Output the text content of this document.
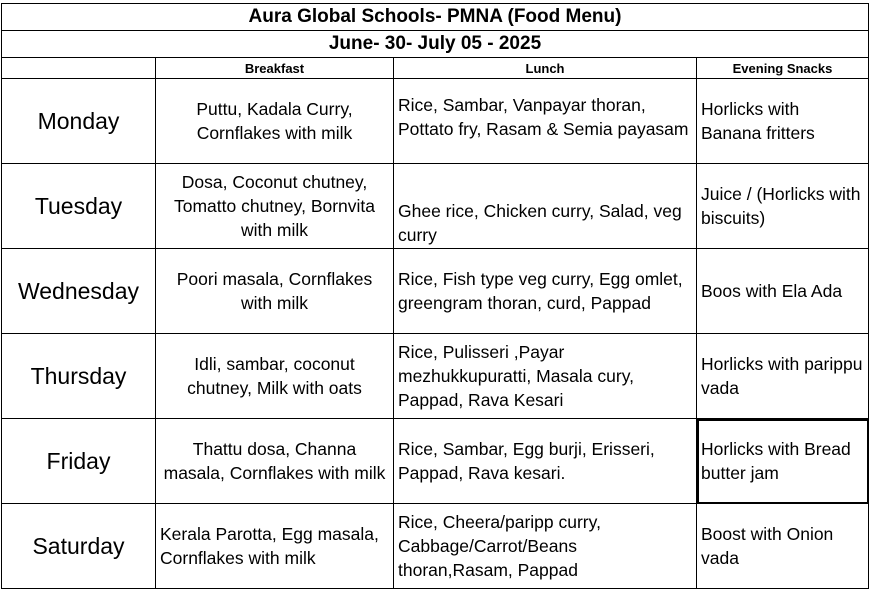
Aura Global Schools- PMNA (Food Menu)			
June- 30- July 05 - 2025			
	Breakfast	Lunch	Evening Snacks
Monday	Puttu, Kadala Curry, Cornflakes with milk	Rice, Sambar, Vanpayar thoran, Pottato fry, Rasam & Semia payasam	Horlicks with Banana fritters
Tuesday	Dosa, Coconut chutney, Tomatto chutney, Bornvita with milk	Ghee rice, Chicken curry, Salad, veg curry	Juice / (Horlicks with biscuits)
Wednesday	Poori masala, Cornflakes with milk	Rice, Fish type veg curry, Egg omlet, greengram thoran, curd, Pappad	Boos with Ela Ada
Thursday	Idli, sambar, coconut chutney, Milk with oats	Rice, Pulisseri ,Payar mezhukkupuratti, Masala cury, Pappad, Rava Kesari	Horlicks with parippu vada
Friday	Thattu dosa, Channa masala, Cornflakes with milk	Rice, Sambar, Egg burji, Erisseri, Pappad, Rava kesari.	Horlicks with Bread butter jam
Saturday	Kerala Parotta, Egg masala, Cornflakes with milk	Rice, Cheera/paripp curry, Cabbage/Carrot/Beans thoran,Rasam, Pappad	Boost with Onion vada
